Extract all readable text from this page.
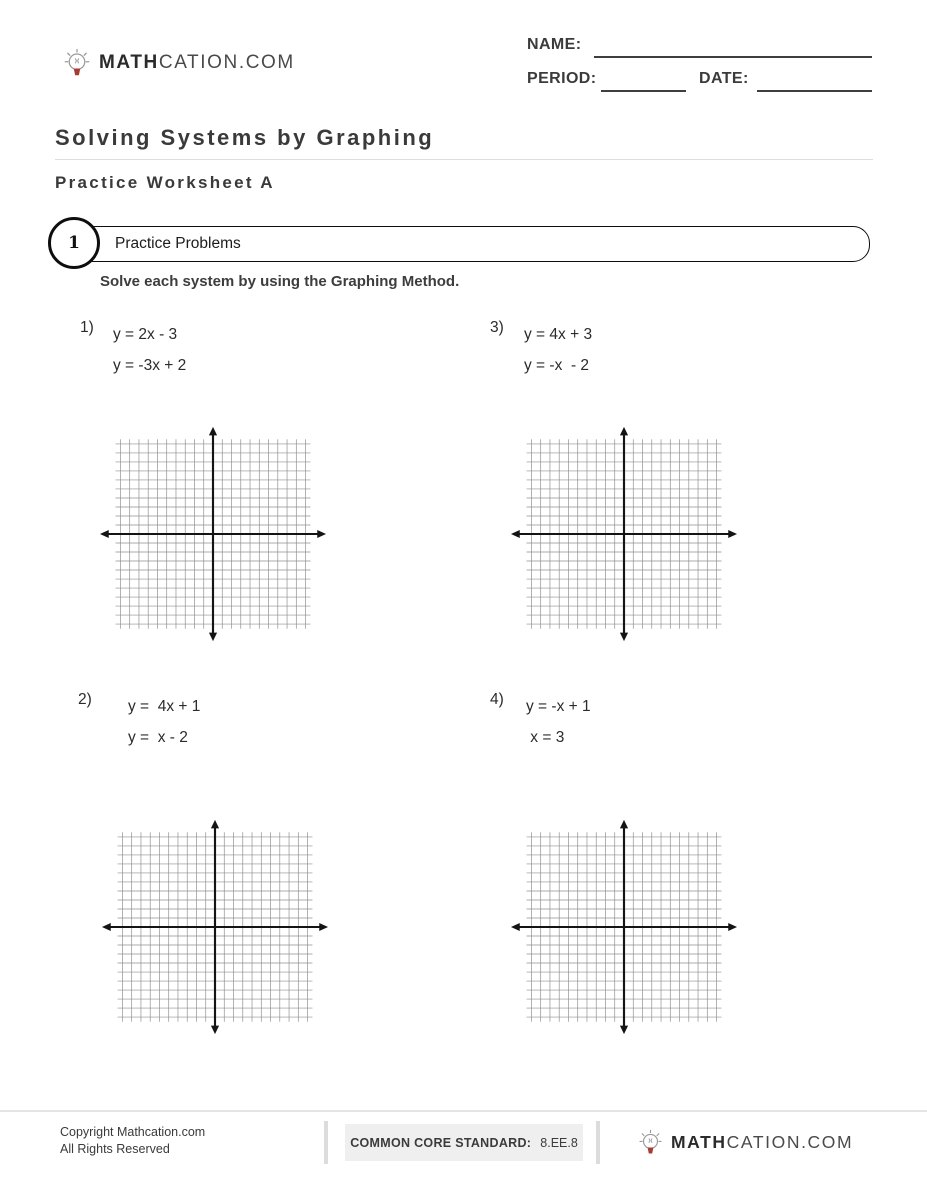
MATHCATION.COM
NAME:
PERIOD:	DATE:
Solving Systems by Graphing
Practice Worksheet A
Practice Problems
1
Solve each system by using the Graphing Method.
1)	y = 2x - 3
y = -3x + 2
3)	y = 4x + 3
y = -x  - 2
2)	y =  4x + 1
y =  x - 2
4)	y = -x + 1
x = 3
Copyright Mathcation.com
All Rights Reserved	COMMON CORE STANDARD: 8.EE.8	MATHCATION.COM
